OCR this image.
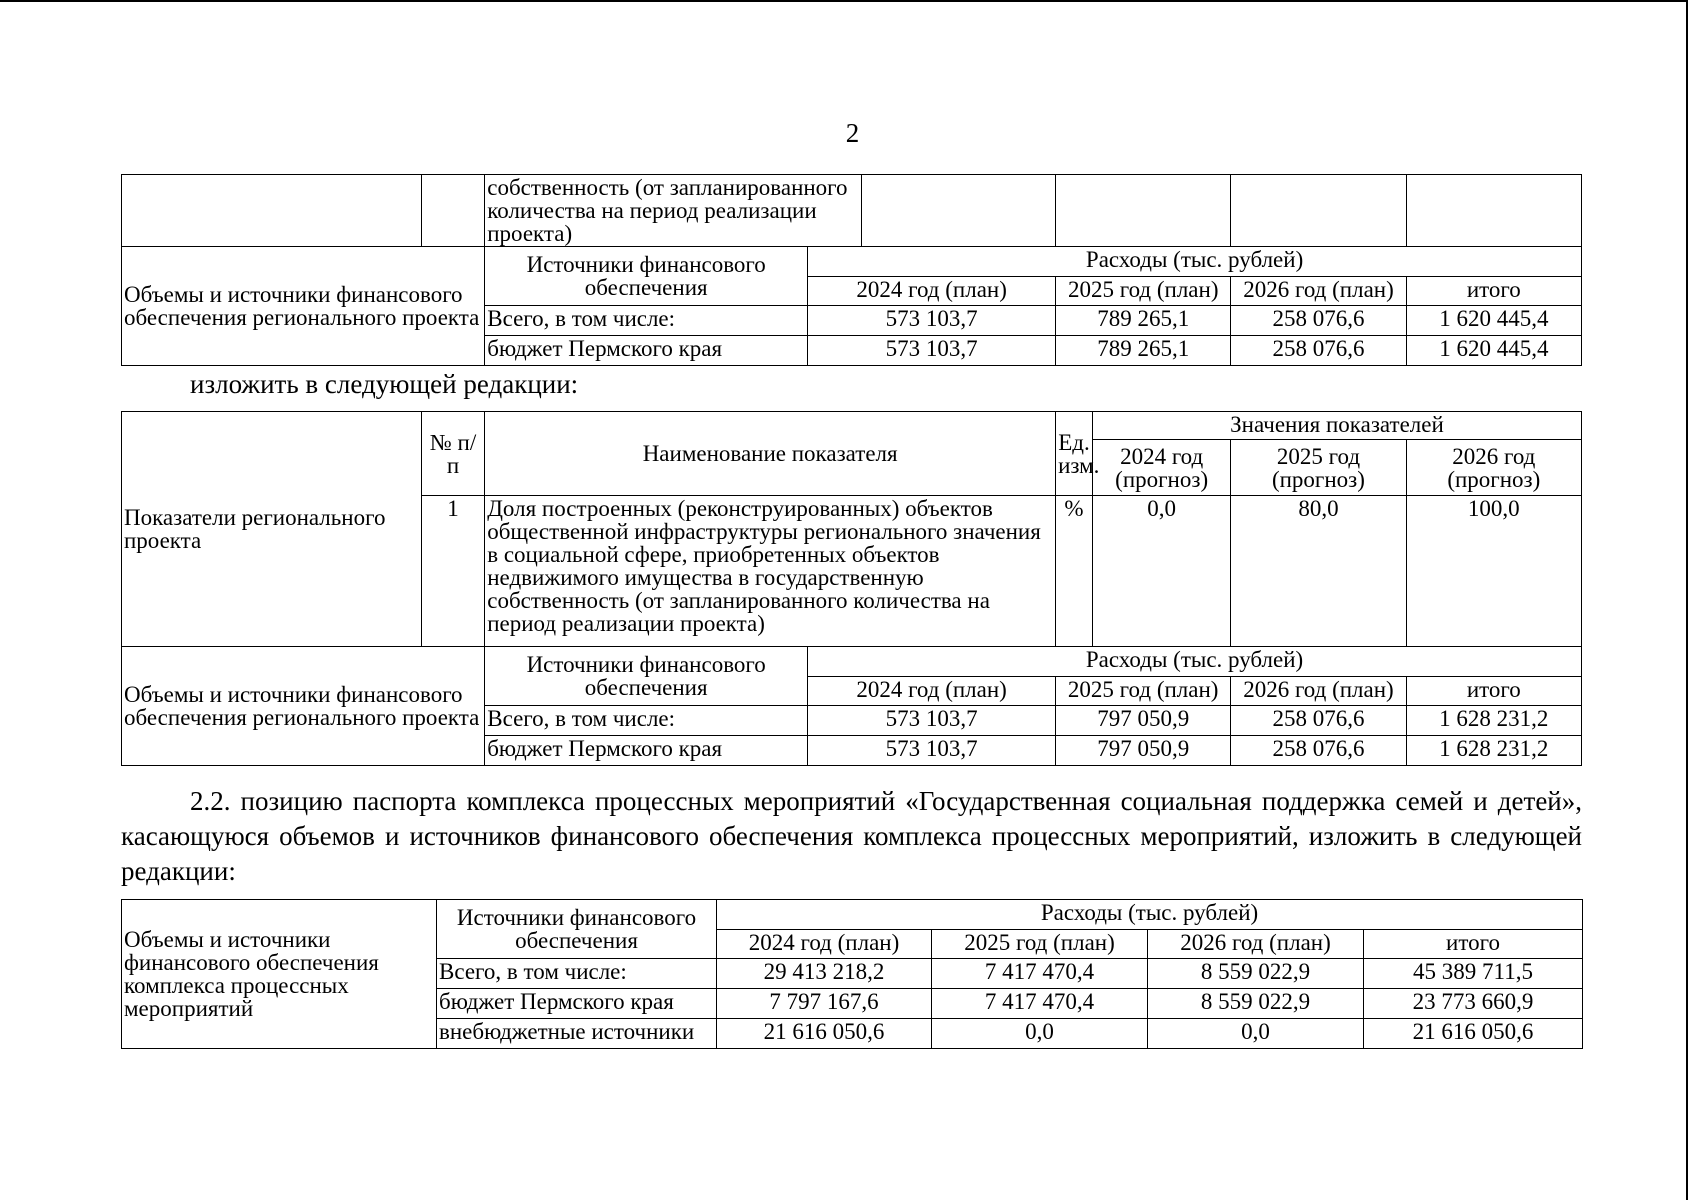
2
		собственность (от запланированного количества на период реализации проекта)					
Объемы и источники финансового обеспечения регионального проекта		Источники финансового обеспечения	Расходы (тыс. рублей)				
			2024 год (план)		2025 год (план)	2026 год (план)	итого
		Всего, в том числе:	573 103,7		789 265,1	258 076,6	1 620 445,4
		бюджет Пермского края	573 103,7		789 265,1	258 076,6	1 620 445,4
изложить в следующей редакции:
Показатели регионального проекта	№ п/п	Наименование показателя		Ед. изм.	Значения показателей		
					2024 год (прогноз)	2025 год (прогноз)	2026 год (прогноз)
	1	Доля построенных (реконструированных) объектов общественной инфраструктуры регионального значения в социальной сфере, приобретенных объектов недвижимого имущества в государственную собственность (от запланированного количества на период реализации проекта)		%	0,0	80,0	100,0
Объемы и источники финансового обеспечения регионального проекта		Источники финансового обеспечения	Расходы (тыс. рублей)				
			2024 год (план)	2025 год (план)		2026 год (план)	итого
		Всего, в том числе:	573 103,7	797 050,9		258 076,6	1 628 231,2
		бюджет Пермского края	573 103,7	797 050,9		258 076,6	1 628 231,2
2.2. позицию паспорта комплекса процессных мероприятий «Государственная социальная поддержка семей и детей», касающуюся объемов и источников финансового обеспечения комплекса процессных мероприятий, изложить в следующей редакции:
Объемы и источники финансового обеспечения комплекса процессных мероприятий	Источники финансового обеспечения	Расходы (тыс. рублей)			
		2024 год (план)	2025 год (план)	2026 год (план)	итого
	Всего, в том числе:	29 413 218,2	7 417 470,4	8 559 022,9	45 389 711,5
	бюджет Пермского края	7 797 167,6	7 417 470,4	8 559 022,9	23 773 660,9
	внебюджетные источники	21 616 050,6	0,0	0,0	21 616 050,6
